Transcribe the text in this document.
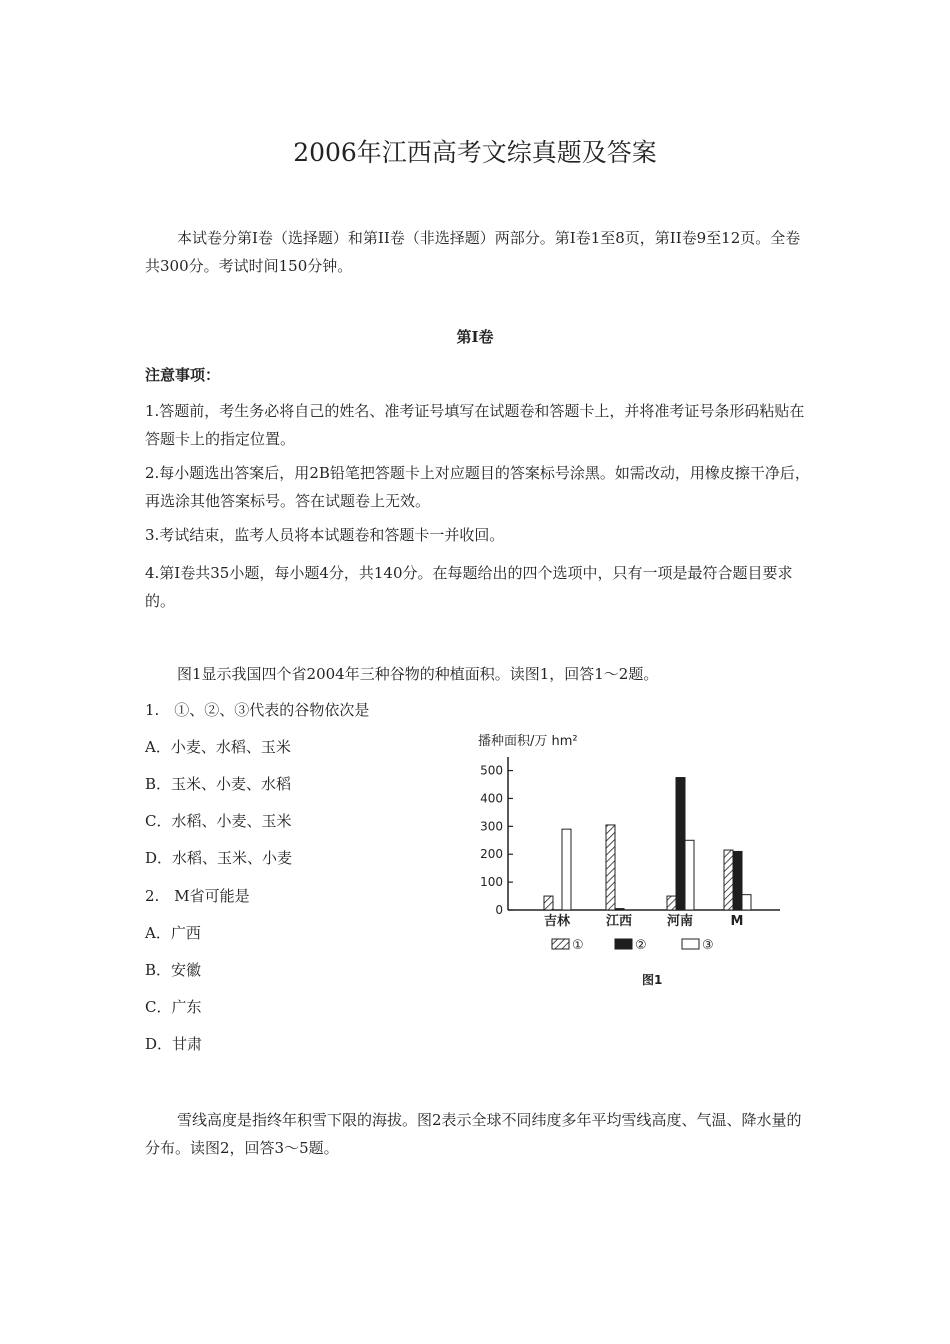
2006年江西高考文综真题及答案
本试卷分第I卷（选择题）和第II卷（非选择题）两部分。第I卷1至8页，第II卷9至12页。全卷共300分。考试时间150分钟。
第I卷
注意事项：
1.答题前，考生务必将自己的姓名、准考证号填写在试题卷和答题卡上，并将准考证号条形码粘贴在答题卡上的指定位置。
2.每小题选出答案后，用2B铅笔把答题卡上对应题目的答案标号涂黑。如需改动，用橡皮擦干净后，再选涂其他答案标号。答在试题卷上无效。
3.考试结束，监考人员将本试题卷和答题卡一并收回。
4.第I卷共35小题，每小题4分，共140分。在每题给出的四个选项中，只有一项是最符合题目要求的。
图1显示我国四个省2004年三种谷物的种植面积。读图1，回答1～2题。
1.　①、②、③代表的谷物依次是
A．小麦、水稻、玉米
B．玉米、小麦、水稻
C．水稻、小麦、玉米
D．水稻、玉米、小麦
2.　M省可能是
A．广西
B．安徽
C．广东
D．甘肃
播种面积/万 hm²
0
100
200
300
400
500
吉林	江西	河南	M
①	②	③
图1
雪线高度是指终年积雪下限的海拔。图2表示全球不同纬度多年平均雪线高度、气温、降水量的分布。读图2，回答3～5题。
